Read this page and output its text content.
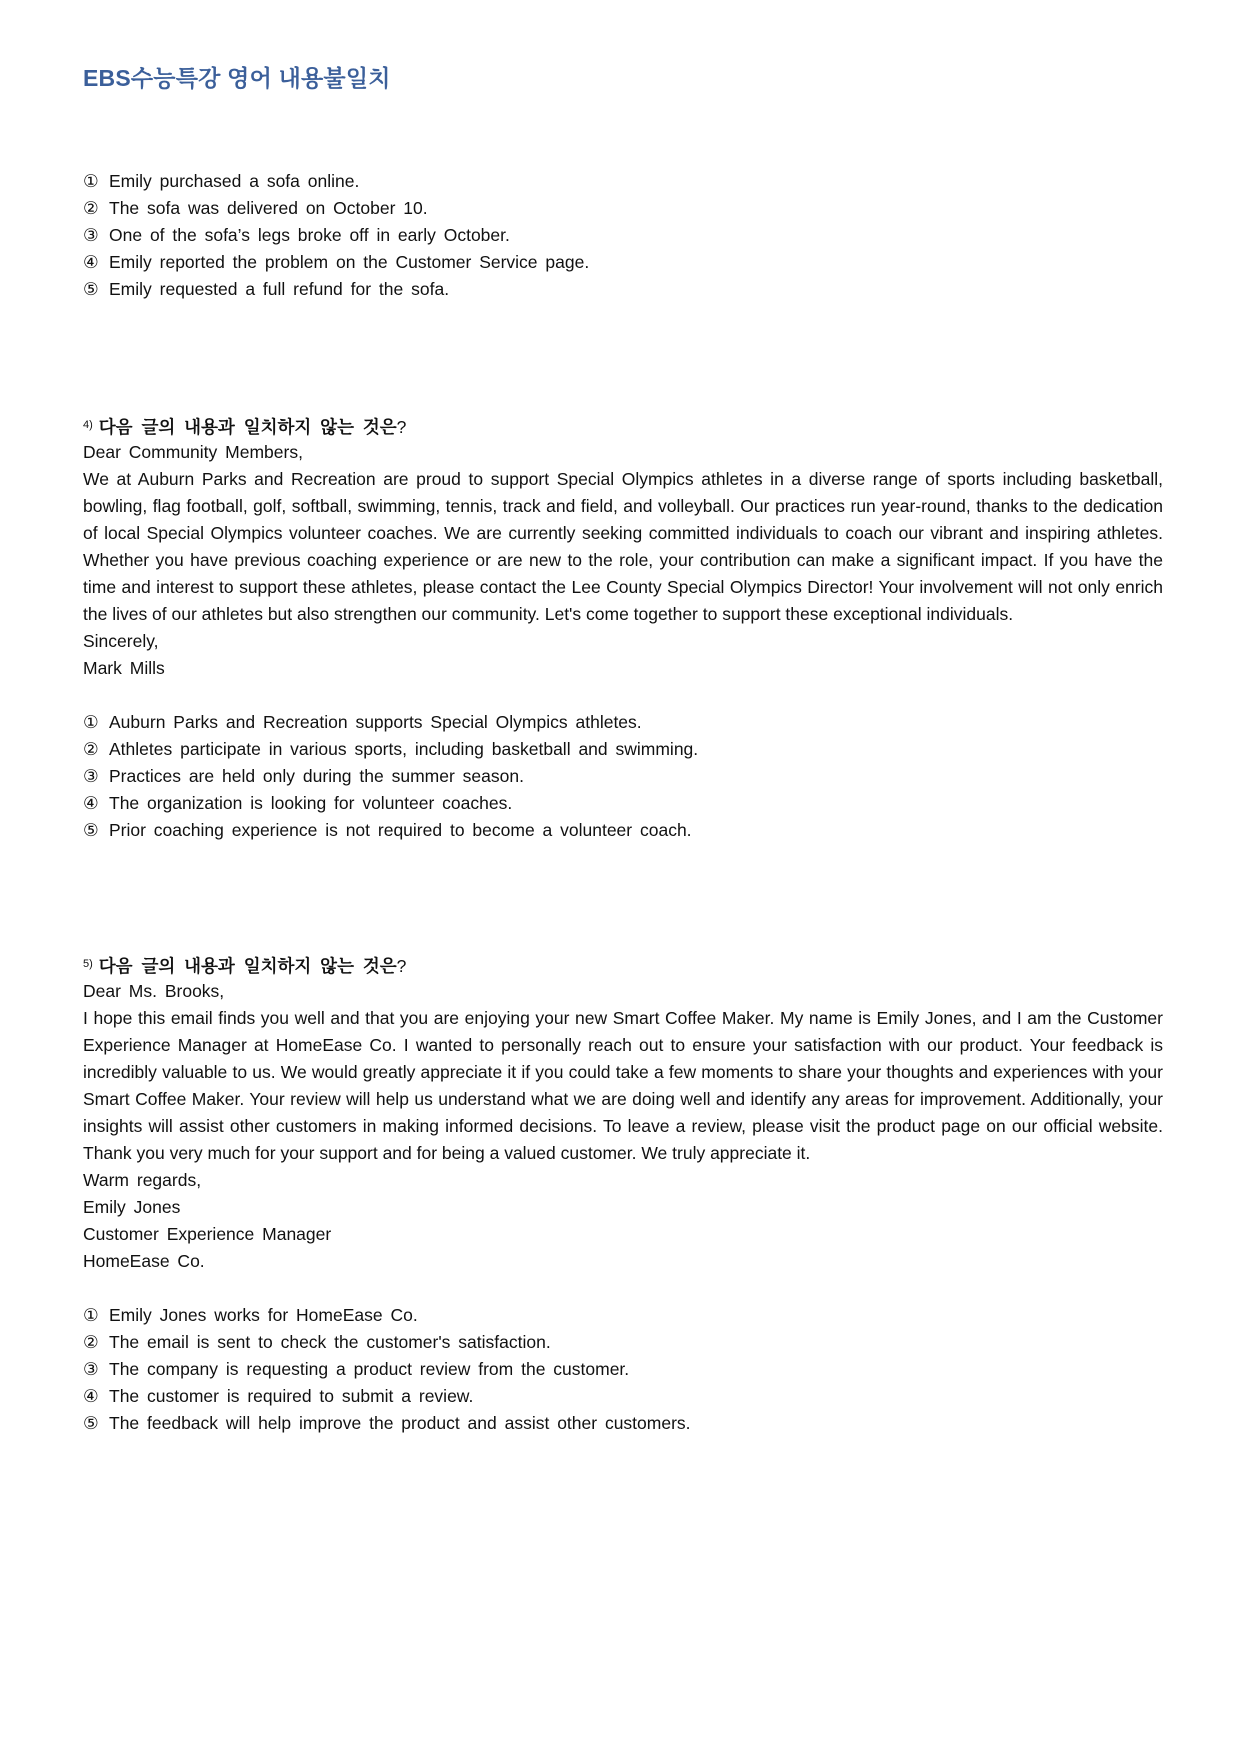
EBS수능특강 영어 내용불일치
① Emily purchased a sofa online.
② The sofa was delivered on October 10.
③ One of the sofa’s legs broke off in early October.
④ Emily reported the problem on the Customer Service page.
⑤ Emily requested a full refund for the sofa.
$^{4)}$ 다음 글의 내용과 일치하지 않는 것은?
Dear Community Members,

We at Auburn Parks and Recreation are proud to support Special Olympics athletes in a diverse range of sports including basketball, bowling, flag football, golf, softball, swimming, tennis, track and field, and volleyball. Our practices run year-round, thanks to the dedication of local Special Olympics volunteer coaches. We are currently seeking committed individuals to coach our vibrant and inspiring athletes. Whether you have previous coaching experience or are new to the role, your contribution can make a significant impact. If you have the time and interest to support these athletes, please contact the Lee County Special Olympics Director! Your involvement will not only enrich the lives of our athletes but also strengthen our community. Let's come together to support these exceptional individuals.

Sincerely,
Mark Mills
① Auburn Parks and Recreation supports Special Olympics athletes.
② Athletes participate in various sports, including basketball and swimming.
③ Practices are held only during the summer season.
④ The organization is looking for volunteer coaches.
⑤ Prior coaching experience is not required to become a volunteer coach.
$^{5)}$ 다음 글의 내용과 일치하지 않는 것은?
Dear Ms. Brooks,

I hope this email finds you well and that you are enjoying your new Smart Coffee Maker. My name is Emily Jones, and I am the Customer Experience Manager at HomeEase Co. I wanted to personally reach out to ensure your satisfaction with our product. Your feedback is incredibly valuable to us. We would greatly appreciate it if you could take a few moments to share your thoughts and experiences with your Smart Coffee Maker. Your review will help us understand what we are doing well and identify any areas for improvement. Additionally, your insights will assist other customers in making informed decisions. To leave a review, please visit the product page on our official website. Thank you very much for your support and for being a valued customer. We truly appreciate it.

Warm regards,
Emily Jones
Customer Experience Manager
HomeEase Co.
① Emily Jones works for HomeEase Co.
② The email is sent to check the customer's satisfaction.
③ The company is requesting a product review from the customer.
④ The customer is required to submit a review.
⑤ The feedback will help improve the product and assist other customers.
